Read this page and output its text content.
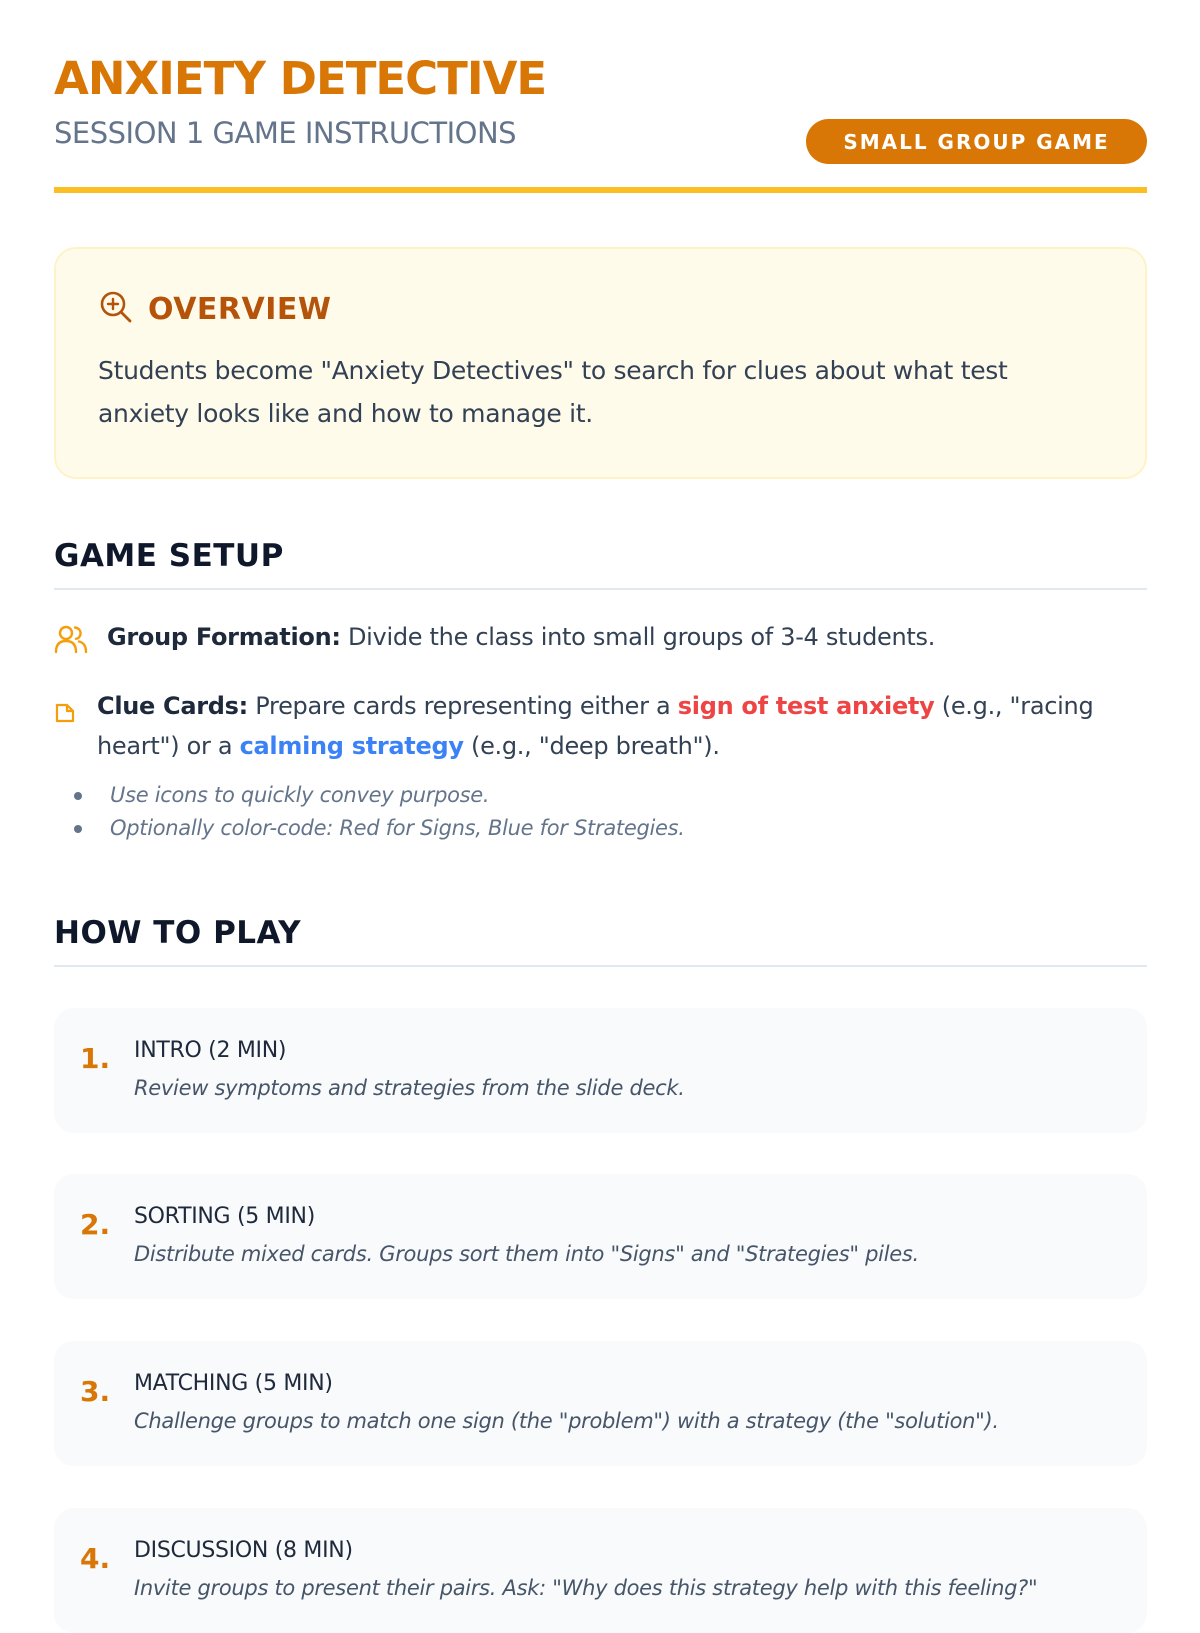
ANXIETY DETECTIVE
SESSION 1 GAME INSTRUCTIONS	SMALL GROUP GAME
OVERVIEW
Students become "Anxiety Detectives" to search for clues about what test anxiety looks like and how to manage it.
GAME SETUP
Group Formation: Divide the class into small groups of 3-4 students.
Clue Cards: Prepare cards representing either a sign of test anxiety (e.g., "racing heart") or a calming strategy (e.g., "deep breath").
Use icons to quickly convey purpose.
Optionally color-code: Red for Signs, Blue for Strategies.
HOW TO PLAY
1. INTRO (2 MIN)
Review symptoms and strategies from the slide deck.
2. SORTING (5 MIN)
Distribute mixed cards. Groups sort them into "Signs" and "Strategies" piles.
3. MATCHING (5 MIN)
Challenge groups to match one sign (the "problem") with a strategy (the "solution").
4. DISCUSSION (8 MIN)
Invite groups to present their pairs. Ask: "Why does this strategy help with this feeling?"
